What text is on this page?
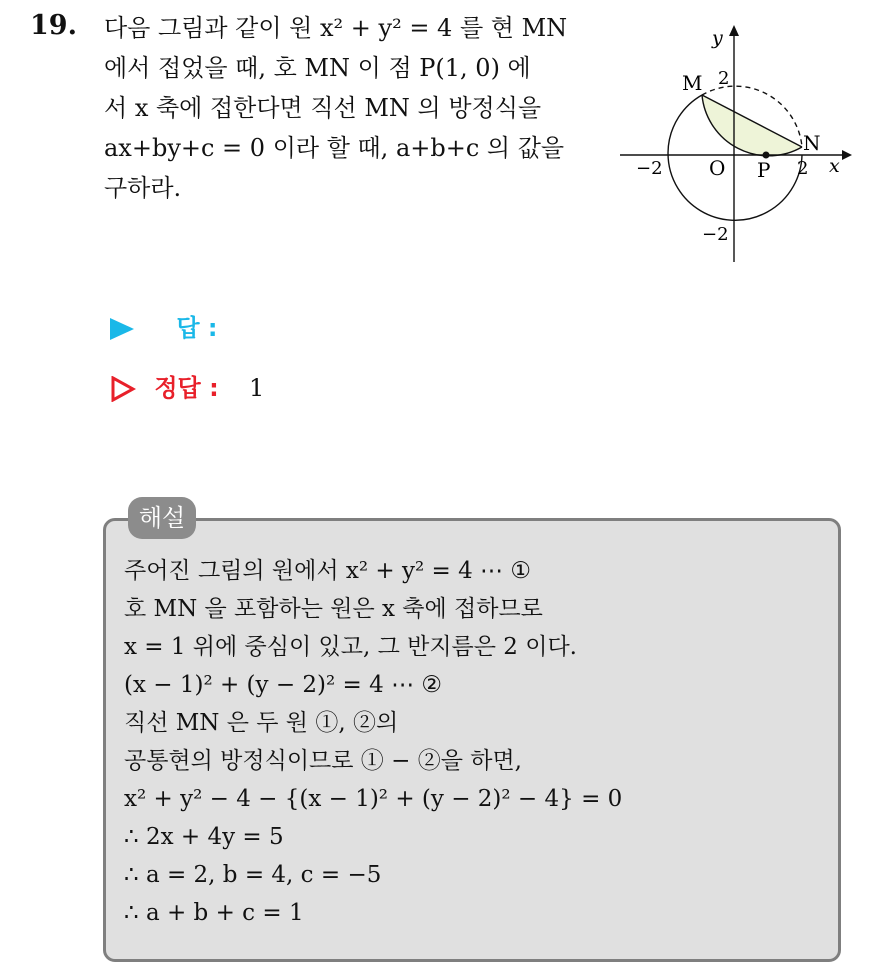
19. 다음 그림과 같이 원 x² + y² = 4 를 현 MN
에서 접었을 때, 호 MN 이 점 P(1, 0) 에
서 x 축에 접한다면 직선 MN 의 방정식을
ax+by+c = 0 이라 할 때, a+b+c 의 값을
구하라.
y
x
M
N
O P
2
−2
−2	2
답 :
정답 : 1
해설
주어진 그림의 원에서 x² + y² = 4 ⋯ ①
호 MN 을 포함하는 원은 x 축에 접하므로
x = 1 위에 중심이 있고, 그 반지름은 2 이다.
(x − 1)² + (y − 2)² = 4 ⋯ ②
직선 MN 은 두 원 ①, ②의
공통현의 방정식이므로 ① − ②을 하면,
x² + y² − 4 − {(x − 1)² + (y − 2)² − 4} = 0
∴ 2x + 4y = 5
∴ a = 2, b = 4, c = −5
∴ a + b + c = 1
